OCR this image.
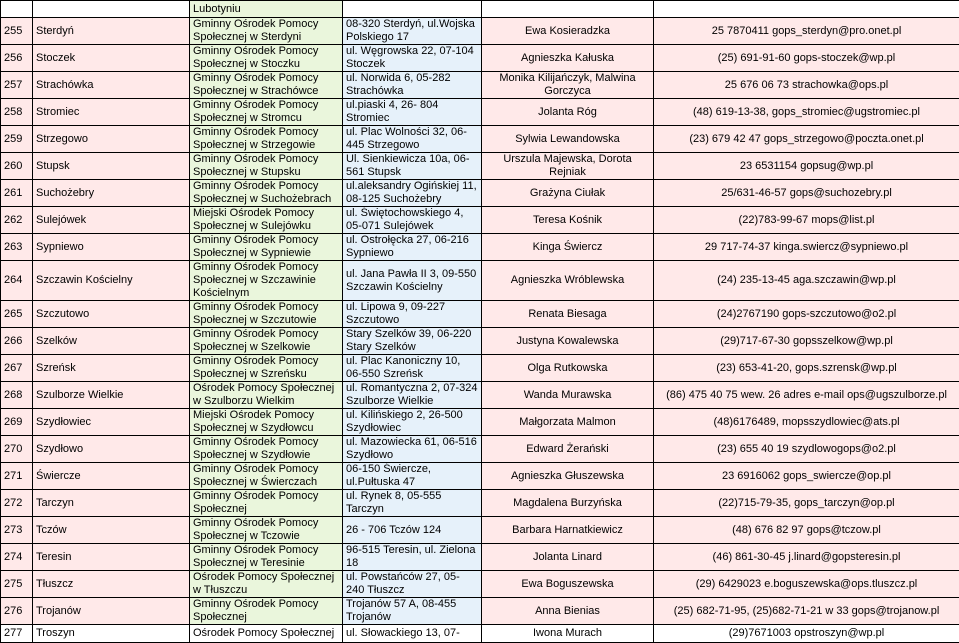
		Lubotyniu			
255	Sterdyń	Gminny Ośrodek Pomocy Społecznej w Sterdyni	08-320 Sterdyń, ul.Wojska Polskiego 17	Ewa Kosieradzka	25 7870411 gops_sterdyn@pro.onet.pl
256	Stoczek	Gminny Ośrodek Pomocy Społecznej w Stoczku	ul. Węgrowska 22, 07-104 Stoczek	Agnieszka Kałuska	(25) 691-91-60 gops-stoczek@wp.pl
257	Strachówka	Gminny Ośrodek Pomocy Społecznej w Strachówce	ul. Norwida 6, 05-282 Strachówka	Monika Kilijańczyk, Malwina Gorczyca	25 676 06 73 strachowka@ops.pl
258	Stromiec	Gminny Ośrodek Pomocy Społecznej w Stromcu	ul.piaski 4, 26- 804 Stromiec	Jolanta Róg	(48) 619-13-38, gops_stromiec@ugstromiec.pl
259	Strzegowo	Gminny Ośrodek Pomocy Społecznej w Strzegowie	ul. Plac Wolności 32, 06-445 Strzegowo	Sylwia Lewandowska	(23) 679 42 47 gops_strzegowo@poczta.onet.pl
260	Stupsk	Gminny Ośrodek Pomocy Społecznej w Stupsku	Ul. Sienkiewicza 10a, 06-561 Stupsk	Urszula Majewska, Dorota Rejniak	23 6531154 gopsug@wp.pl
261	Suchożebry	Gminny Ośrodek Pomocy Społecznej w Suchożebrach	ul.aleksandry Ogińskiej 11, 08-125 Suchożebry	Grażyna Ciułak	25/631-46-57 gops@suchozebry.pl
262	Sulejówek	Miejski Ośrodek Pomocy Społecznej w Sulejówku	ul. Świętochowskiego 4, 05-071 Sulejówek	Teresa Kośnik	(22)783-99-67 mops@list.pl
263	Sypniewo	Gminny Ośrodek Pomocy Społecznej w Sypniewie	ul. Ostrołęcka 27, 06-216 Sypniewo	Kinga Świercz	29 717-74-37 kinga.swiercz@sypniewo.pl
264	Szczawin Kościelny	Gminny Ośrodek Pomocy Społecznej w Szczawinie Kościelnym	ul. Jana Pawła II 3, 09-550 Szczawin Kościelny	Agnieszka Wróblewska	(24) 235-13-45 aga.szczawin@wp.pl
265	Szczutowo	Gminny Ośrodek Pomocy Społecznej w Szczutowie	ul. Lipowa 9, 09-227 Szczutowo	Renata Biesaga	(24)2767190 gops-szczutowo@o2.pl
266	Szelków	Gminny Ośrodek Pomocy Społecznej w Szelkowie	Stary Szelków 39, 06-220 Stary Szelków	Justyna Kowalewska	(29)717-67-30 gopsszelkow@wp.pl
267	Szreńsk	Gminny Ośrodek Pomocy Społecznej w Szreńsku	ul. Plac Kanoniczny 10, 06-550 Szreńsk	Olga Rutkowska	(23) 653-41-20, gops.szrensk@wp.pl
268	Szulborze Wielkie	Ośrodek Pomocy Społecznej w Szulborzu Wielkim	ul. Romantyczna 2, 07-324 Szulborze Wielkie	Wanda Murawska	(86) 475 40 75 wew. 26 adres e-mail ops@ugszulborze.pl
269	Szydłowiec	Miejski Ośrodek Pomocy Społecznej w Szydłowcu	ul. Kilińskiego 2, 26-500 Szydłowiec	Małgorzata Malmon	(48)6176489, mopsszydlowiec@ats.pl
270	Szydłowo	Gminny Ośrodek Pomocy Społecznej w Szydłowie	ul. Mazowiecka 61, 06-516 Szydłowo	Edward Żerański	(23) 655 40 19 szydlowogops@o2.pl
271	Świercze	Gminny Ośrodek Pomocy Społecznej w Świerczach	06-150 Świercze, ul.Pułtuska 47	Agnieszka Głuszewska	23 6916062 gops_swiercze@op.pl
272	Tarczyn	Gminny Ośrodek Pomocy Społecznej	ul. Rynek 8, 05-555 Tarczyn	Magdalena Burzyńska	(22)715-79-35, gops_tarczyn@op.pl
273	Tczów	Gminny Ośrodek Pomocy Społecznej w Tczowie	26 - 706 Tczów 124	Barbara Harnatkiewicz	(48) 676 82 97 gops@tczow.pl
274	Teresin	Gminny Ośrodek Pomocy Społecznej w Teresinie	96-515 Teresin, ul. Zielona 18	Jolanta Linard	(46) 861-30-45 j.linard@gopsteresin.pl
275	Tłuszcz	Ośrodek Pomocy Społecznej w Tłuszczu	ul. Powstańców 27, 05-240 Tłuszcz	Ewa Boguszewska	(29) 6429023 e.boguszewska@ops.tluszcz.pl
276	Trojanów	Gminny Ośrodek Pomocy Społecznej	Trojanów 57 A, 08-455 Trojanów	Anna Bienias	(25) 682-71-95, (25)682-71-21 w 33 gops@trojanow.pl
277	Troszyn	Ośrodek Pomocy Społecznej	ul. Słowackiego 13, 07-	Iwona Murach	(29)7671003 opstroszyn@wp.pl
